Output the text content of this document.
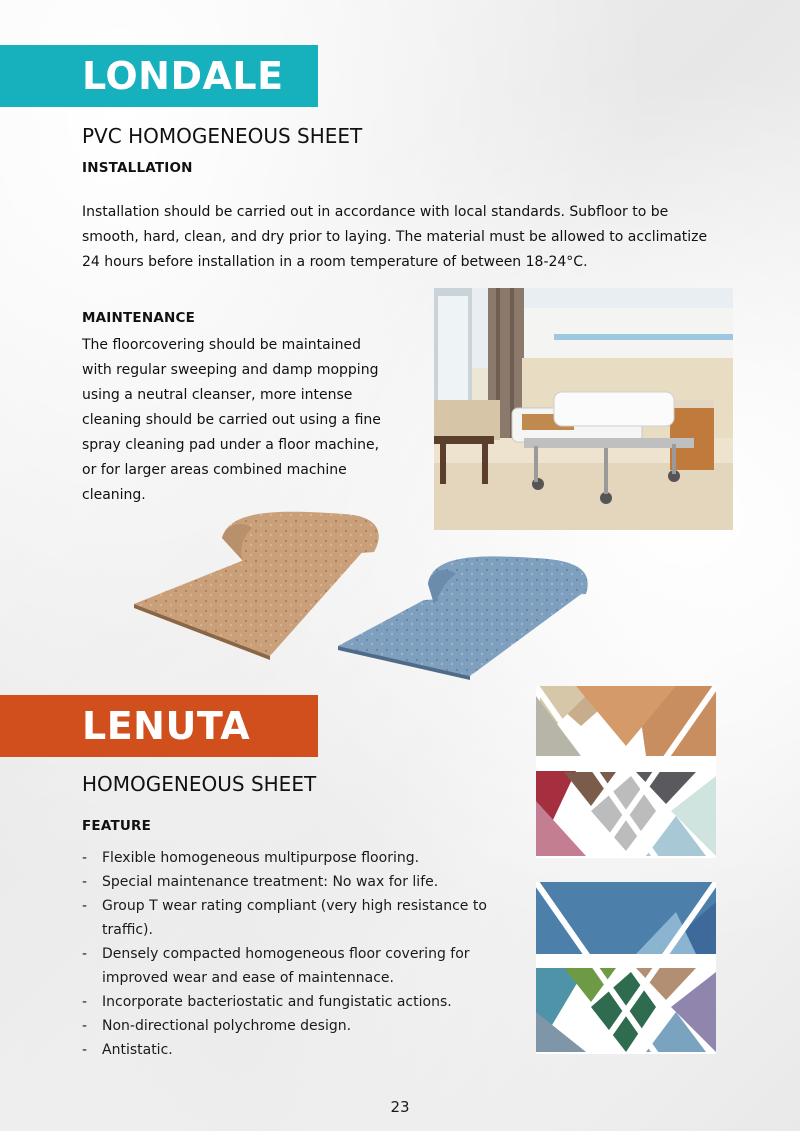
LONDALE
PVC HOMOGENEOUS SHEET
INSTALLATION

Installation should be carried out in accordance with local standards. Subfloor to be smooth, hard, clean, and dry prior to laying. The material must be allowed to acclimatize 24 hours before installation in a room temperature of between 18-24°C.

MAINTENANCE

The floorcovering should be maintained with regular sweeping and damp mopping using a neutral cleanser, more intense cleaning should be carried out using a fine spray cleaning pad under a floor machine, or for larger areas combined machine cleaning.

LENUTA
HOMOGENEOUS SHEET
FEATURE
- Flexible homogeneous multipurpose flooring.
- Special maintenance treatment: No wax for life.
- Group T wear rating compliant (very high resistance to traffic).
- Densely compacted homogeneous floor covering for improved wear and ease of maintennace.
- Incorporate bacteriostatic and fungistatic actions.
- Non-directional polychrome design.
- Antistatic.
23
